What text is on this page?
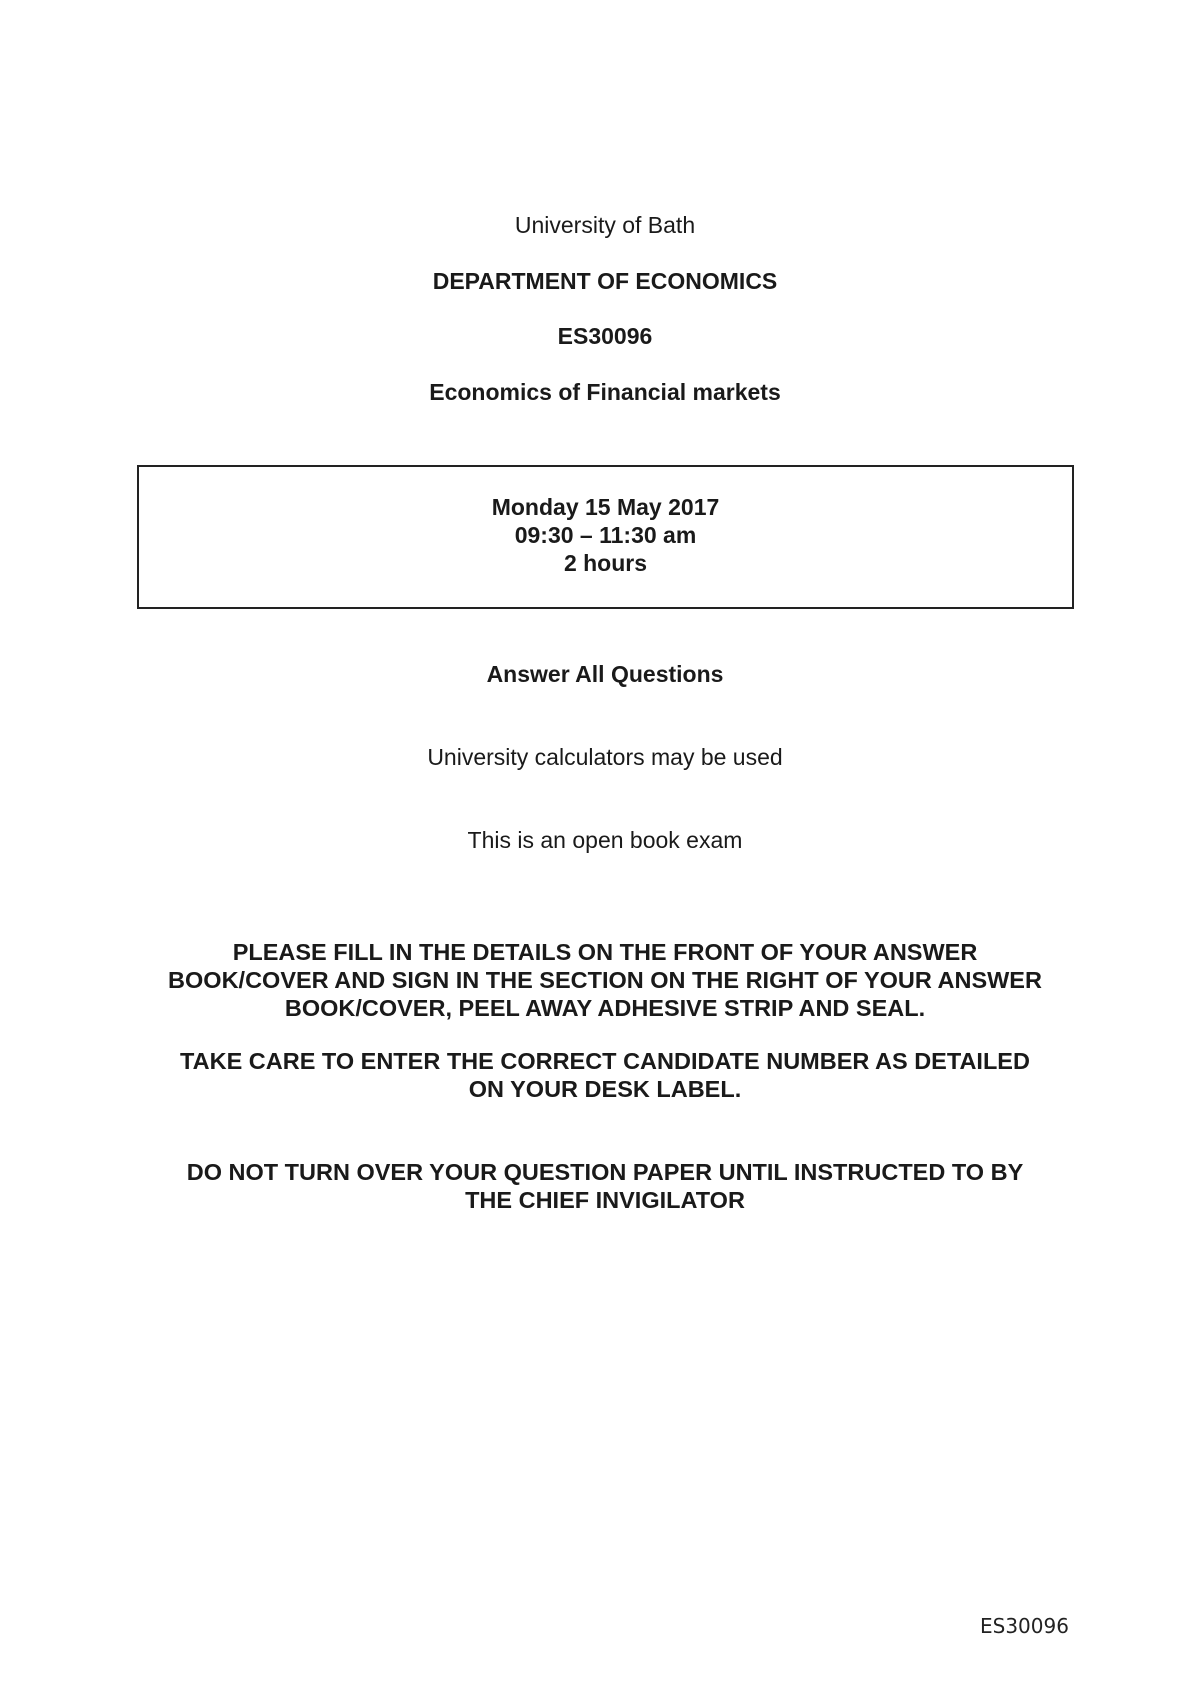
University of Bath
DEPARTMENT OF ECONOMICS
ES30096
Economics of Financial markets
Monday 15 May 2017
09:30 – 11:30 am
2 hours
Answer All Questions
University calculators may be used
This is an open book exam
PLEASE FILL IN THE DETAILS ON THE FRONT OF YOUR ANSWER
BOOK/COVER AND SIGN IN THE SECTION ON THE RIGHT OF YOUR ANSWER
BOOK/COVER, PEEL AWAY ADHESIVE STRIP AND SEAL.
TAKE CARE TO ENTER THE CORRECT CANDIDATE NUMBER AS DETAILED
ON YOUR DESK LABEL.
DO NOT TURN OVER YOUR QUESTION PAPER UNTIL INSTRUCTED TO BY
THE CHIEF INVIGILATOR
ES30096
